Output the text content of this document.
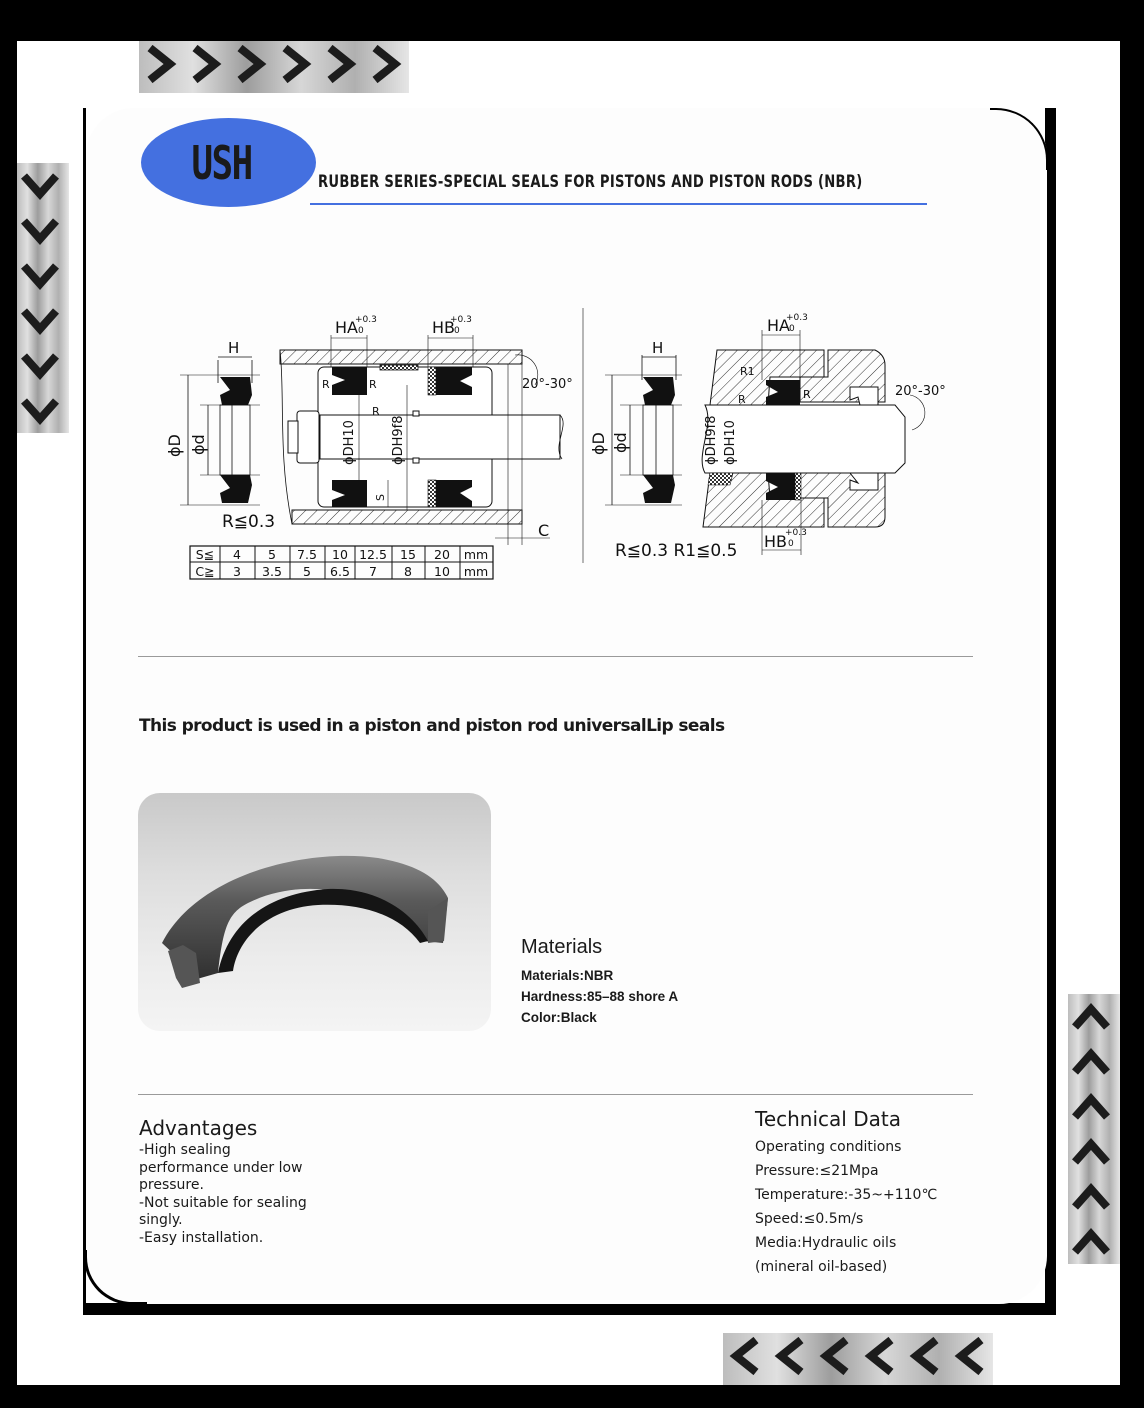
USH	RUBBER SERIES-SPECIAL SEALS FOR PISTONS AND PISTON RODS (NBR)
H
ϕD ϕd
R≦0.3
R	R
R
HA
+0.3
0	HB
+0.3
0
ϕDH10	ϕDH9f8
S
C
20°-30°
S≦ 4 5 7.5 10 12.5 15 20 mm
C≧ 3 3.5 5 6.5 7 8 10 mm
H
ϕD ϕd
R≦0.3 R1≦0.5
R1
R	R
HA
+0.3
0
HB
+0.3
0
ϕDH9f8 ϕDH10
20°-30°
This product is used in a piston and piston rod universalLip seals
Materials

Materials:NBR

Hardness:85–88 shore A

Color:Black

Advantages

-High sealing

performance under low

pressure.

-Not suitable for sealing

singly.

-Easy installation.

Technical Data

Operating conditions

Pressure:≤21Mpa

Temperature:-35~+110℃

Speed:≤0.5m/s

Media:Hydraulic oils

(mineral oil-based)
